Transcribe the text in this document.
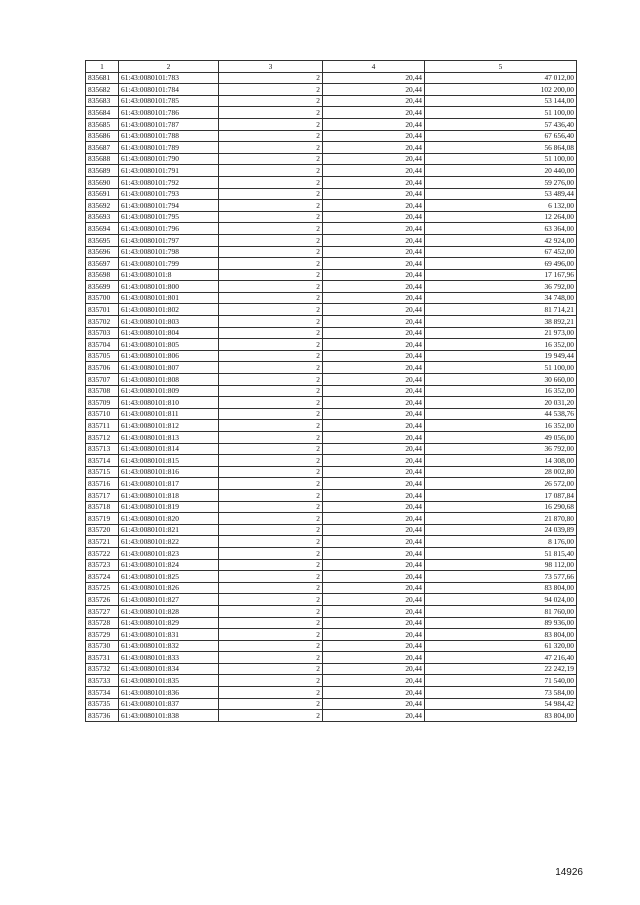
1	2	3	4	5
835681	61:43:0080101:783	2	20,44	47 012,00
835682	61:43:0080101:784	2	20,44	102 200,00
835683	61:43:0080101:785	2	20,44	53 144,00
835684	61:43:0080101:786	2	20,44	51 100,00
835685	61:43:0080101:787	2	20,44	57 436,40
835686	61:43:0080101:788	2	20,44	67 656,40
835687	61:43:0080101:789	2	20,44	56 864,08
835688	61:43:0080101:790	2	20,44	51 100,00
835689	61:43:0080101:791	2	20,44	20 440,00
835690	61:43:0080101:792	2	20,44	59 276,00
835691	61:43:0080101:793	2	20,44	53 489,44
835692	61:43:0080101:794	2	20,44	6 132,00
835693	61:43:0080101:795	2	20,44	12 264,00
835694	61:43:0080101:796	2	20,44	63 364,00
835695	61:43:0080101:797	2	20,44	42 924,00
835696	61:43:0080101:798	2	20,44	67 452,00
835697	61:43:0080101:799	2	20,44	69 496,00
835698	61:43:0080101:8	2	20,44	17 167,96
835699	61:43:0080101:800	2	20,44	36 792,00
835700	61:43:0080101:801	2	20,44	34 748,00
835701	61:43:0080101:802	2	20,44	81 714,21
835702	61:43:0080101:803	2	20,44	38 892,21
835703	61:43:0080101:804	2	20,44	21 973,00
835704	61:43:0080101:805	2	20,44	16 352,00
835705	61:43:0080101:806	2	20,44	19 949,44
835706	61:43:0080101:807	2	20,44	51 100,00
835707	61:43:0080101:808	2	20,44	30 660,00
835708	61:43:0080101:809	2	20,44	16 352,00
835709	61:43:0080101:810	2	20,44	20 031,20
835710	61:43:0080101:811	2	20,44	44 538,76
835711	61:43:0080101:812	2	20,44	16 352,00
835712	61:43:0080101:813	2	20,44	49 056,00
835713	61:43:0080101:814	2	20,44	36 792,00
835714	61:43:0080101:815	2	20,44	14 308,00
835715	61:43:0080101:816	2	20,44	28 002,80
835716	61:43:0080101:817	2	20,44	26 572,00
835717	61:43:0080101:818	2	20,44	17 087,84
835718	61:43:0080101:819	2	20,44	16 290,68
835719	61:43:0080101:820	2	20,44	21 870,80
835720	61:43:0080101:821	2	20,44	24 039,89
835721	61:43:0080101:822	2	20,44	8 176,00
835722	61:43:0080101:823	2	20,44	51 815,40
835723	61:43:0080101:824	2	20,44	98 112,00
835724	61:43:0080101:825	2	20,44	73 577,66
835725	61:43:0080101:826	2	20,44	83 804,00
835726	61:43:0080101:827	2	20,44	94 024,00
835727	61:43:0080101:828	2	20,44	81 760,00
835728	61:43:0080101:829	2	20,44	89 936,00
835729	61:43:0080101:831	2	20,44	83 804,00
835730	61:43:0080101:832	2	20,44	61 320,00
835731	61:43:0080101:833	2	20,44	47 216,40
835732	61:43:0080101:834	2	20,44	22 242,19
835733	61:43:0080101:835	2	20,44	71 540,00
835734	61:43:0080101:836	2	20,44	73 584,00
835735	61:43:0080101:837	2	20,44	54 984,42
835736	61:43:0080101:838	2	20,44	83 804,00
14926
